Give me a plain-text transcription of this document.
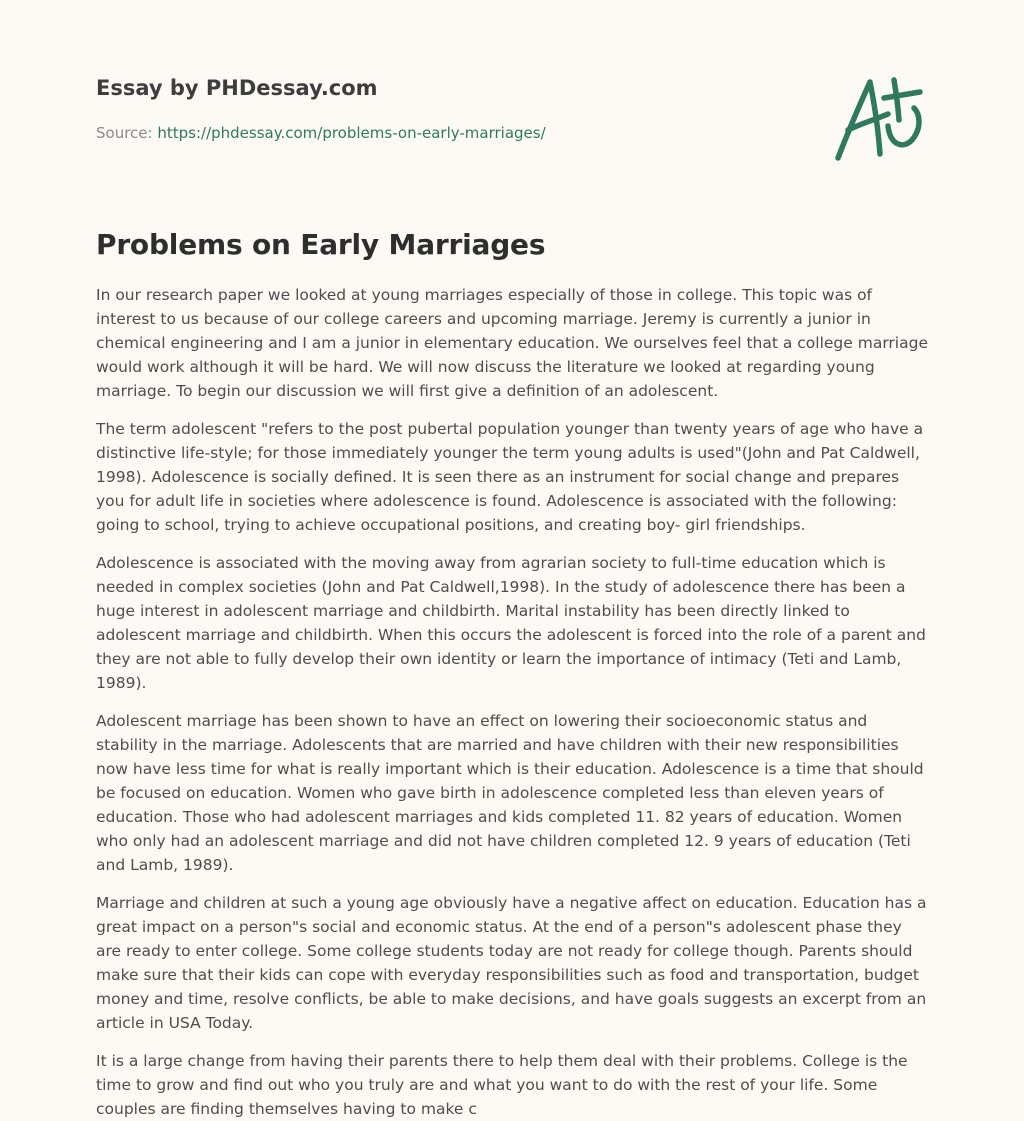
Essay by PHDessay.com
Source: https://phdessay.com/problems-on-early-marriages/
Problems on Early Marriages

In our research paper we looked at young marriages especially of those in college. This topic was of interest to us because of our college careers and upcoming marriage. Jeremy is currently a junior in chemical engineering and I am a junior in elementary education. We ourselves feel that a college marriage would work although it will be hard. We will now discuss the literature we looked at regarding young marriage. To begin our discussion we will first give a definition of an adolescent.

The term adolescent "refers to the post pubertal population younger than twenty years of age who have a distinctive life-style; for those immediately younger the term young adults is used"(John and Pat Caldwell, 1998). Adolescence is socially defined. It is seen there as an instrument for social change and prepares you for adult life in societies where adolescence is found. Adolescence is associated with the following: going to school, trying to achieve occupational positions, and creating boy- girl friendships.

Adolescence is associated with the moving away from agrarian society to full-time education which is needed in complex societies (John and Pat Caldwell,1998). In the study of adolescence there has been a huge interest in adolescent marriage and childbirth. Marital instability has been directly linked to adolescent marriage and childbirth. When this occurs the adolescent is forced into the role of a parent and they are not able to fully develop their own identity or learn the importance of intimacy (Teti and Lamb, 1989).

Adolescent marriage has been shown to have an effect on lowering their socioeconomic status and stability in the marriage. Adolescents that are married and have children with their new responsibilities now have less time for what is really important which is their education. Adolescence is a time that should be focused on education. Women who gave birth in adolescence completed less than eleven years of education. Those who had adolescent marriages and kids completed 11. 82 years of education. Women who only had an adolescent marriage and did not have children completed 12. 9 years of education (Teti and Lamb, 1989).

Marriage and children at such a young age obviously have a negative affect on education. Education has a great impact on a person"s social and economic status. At the end of a person"s adolescent phase they are ready to enter college. Some college students today are not ready for college though. Parents should make sure that their kids can cope with everyday responsibilities such as food and transportation, budget money and time, resolve conflicts, be able to make decisions, and have goals suggests an excerpt from an article in USA Today.

It is a large change from having their parents there to help them deal with their problems. College is the time to grow and find out who you truly are and what you want to do with the rest of your life. Some couples are finding themselves having to make c
